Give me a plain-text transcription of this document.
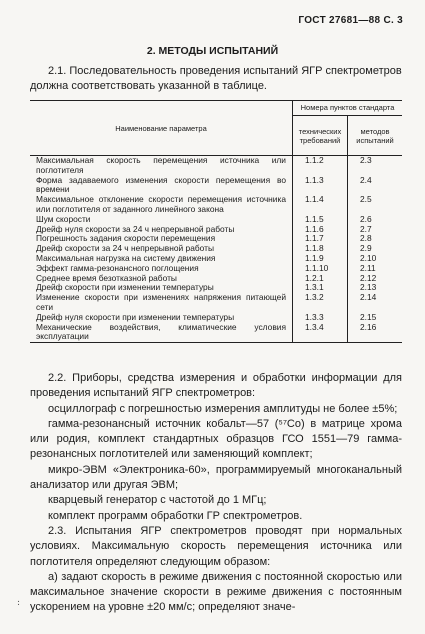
ГОСТ 27681—88 С. 3
2. МЕТОДЫ ИСПЫТАНИЙ

2.1. Последовательность проведения испытаний ЯГР спектрометров должна соответствовать указанной в таблице.

Наименование параметра
Номера пунктов стандарта
технических требований
методов испытаний
Максимальная скорость перемещения источника или поглотителя
1.1.2	2.3
Форма задаваемого изменения скорости перемещения во времени
1.1.3	2.4
Максимальное отклонение скорости перемещения источника или поглотителя от заданного линейного закона
1.1.4	2.5
Шум скорости	1.1.5	2.6
Дрейф нуля скорости за 24 ч непрерывной работы	1.1.6	2.7
Погрешность задания скорости перемещения	1.1.7	2.8
Дрейф скорости за 24 ч непрерывной работы	1.1.8	2.9
Максимальная нагрузка на систему движения	1.1.9	2.10
Эффект гамма-резонансного поглощения	1.1.10	2.11
Среднее время безотказной работы	1.2.1	2.12
Дрейф скорости при изменении температуры	1.3.1	2.13
Изменение скорости при изменениях напряжения питающей сети
1.3.2	2.14
Дрейф нуля скорости при изменении температуры	1.3.3	2.15
Механические воздействия, климатические условия эксплуатации
1.3.4	2.16

2.2. Приборы, средства измерения и обработки информации для проведения испытаний ЯГР спектрометров:

осциллограф с погрешностью измерения амплитуды не более ±5%;

гамма-резонансный источник кобальт—57 (⁵⁷Co) в матрице хрома или родия, комплект стандартных образцов ГСО 1551—79 гамма-резонансных поглотителей или заменяющий комплект;

микро-ЭВМ «Электроника-60», программируемый многоканальный анализатор или другая ЭВМ;

кварцевый генератор с частотой до 1 МГц;

комплект программ обработки ГР спектрометров.

2.3. Испытания ЯГР спектрометров проводят при нормальных условиях. Максимальную скорость перемещения источника или поглотителя определяют следующим образом:

а) задают скорость в режиме движения с постоянной скоростью или максимальное значение скорости в режиме движения с постоянным ускорением на уровне ±20 мм/с; определяют значе-

:
